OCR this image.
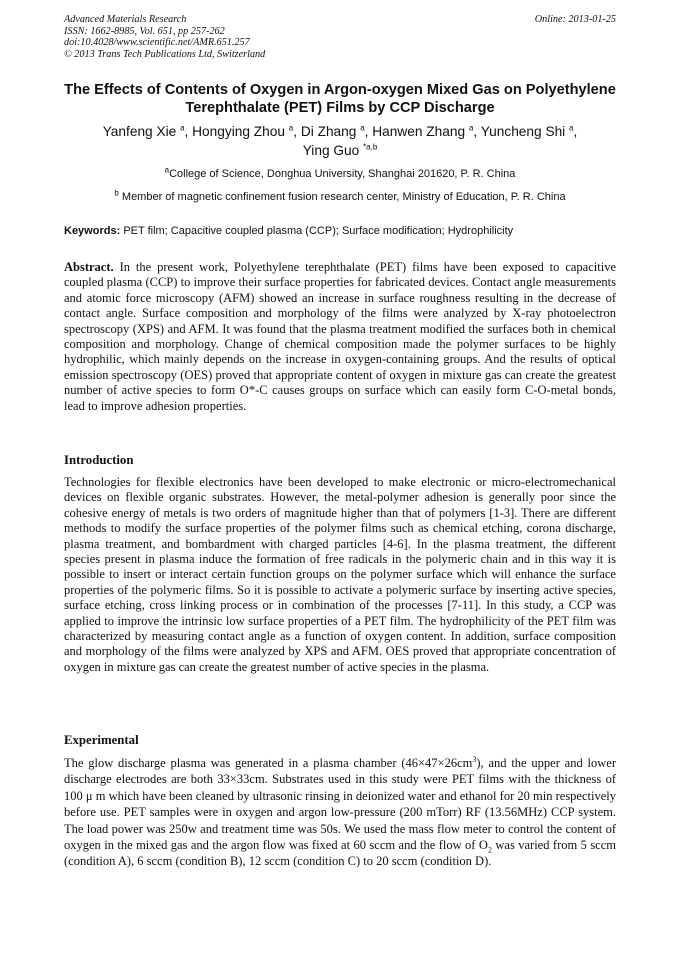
Advanced Materials Research
ISSN: 1662-8985, Vol. 651, pp 257-262
doi:10.4028/www.scientific.net/AMR.651.257
© 2013 Trans Tech Publications Ltd, Switzerland
Online: 2013-01-25
The Effects of Contents of Oxygen in Argon-oxygen Mixed Gas on Polyethylene Terephthalate (PET) Films by CCP Discharge
Yanfeng Xie $^a$, Hongying Zhou $^a$, Di Zhang $^a$, Hanwen Zhang $^a$, Yuncheng Shi $^a$,
Ying Guo $^{*a,b}$
$^a$College of Science, Donghua University, Shanghai 201620, P. R. China
$^b$ Member of magnetic confinement fusion research center, Ministry of Education, P. R. China
Keywords: PET film; Capacitive coupled plasma (CCP); Surface modification; Hydrophilicity
Abstract. In the present work, Polyethylene terephthalate (PET) films have been exposed to capacitive coupled plasma (CCP) to improve their surface properties for fabricated devices. Contact angle measurements and atomic force microscopy (AFM) showed an increase in surface roughness resulting in the decrease of contact angle. Surface composition and morphology of the films were analyzed by X-ray photoelectron spectroscopy (XPS) and AFM. It was found that the plasma treatment modified the surfaces both in chemical composition and morphology. Change of chemical composition made the polymer surfaces to be highly hydrophilic, which mainly depends on the increase in oxygen-containing groups. And the results of optical emission spectroscopy (OES) proved that appropriate content of oxygen in mixture gas can create the greatest number of active species to form O*-C causes groups on surface which can easily form C-O-metal bonds, lead to improve adhesion properties.
Introduction
Technologies for flexible electronics have been developed to make electronic or micro-electromechanical devices on flexible organic substrates. However, the metal-polymer adhesion is generally poor since the cohesive energy of metals is two orders of magnitude higher than that of polymers [1-3]. There are different methods to modify the surface properties of the polymer films such as chemical etching, corona discharge, plasma treatment, and bombardment with charged particles [4-6]. In the plasma treatment, the different species present in plasma induce the formation of free radicals in the polymeric chain and in this way it is possible to insert or interact certain function groups on the polymer surface which will enhance the surface properties of the polymeric films. So it is possible to activate a polymeric surface by inserting active species, surface etching, cross linking process or in combination of the processes [7-11]. In this study, a CCP was applied to improve the intrinsic low surface properties of a PET film. The hydrophilicity of the PET film was characterized by measuring contact angle as a function of oxygen content. In addition, surface composition and morphology of the films were analyzed by XPS and AFM. OES proved that appropriate concentration of oxygen in mixture gas can create the greatest number of active species in the plasma.
Experimental
The glow discharge plasma was generated in a plasma chamber $(46\times 47\times 26cm^3)$, and the upper and lower discharge electrodes are both 33×33cm. Substrates used in this study were PET films with the thickness of 100 μ m which have been cleaned by ultrasonic rinsing in deionized water and ethanol for 20 min respectively before use. PET samples were in oxygen and argon low-pressure (200 mTorr) RF (13.56MHz) CCP system. The load power was 250w and treatment time was 50s. We used the mass flow meter to control the content of oxygen in the mixed gas and the argon flow was fixed at 60 sccm and the flow of $O_2$ was varied from 5 sccm (condition A), 6 sccm (condition B), 12 sccm (condition C) to 20 sccm (condition D).
